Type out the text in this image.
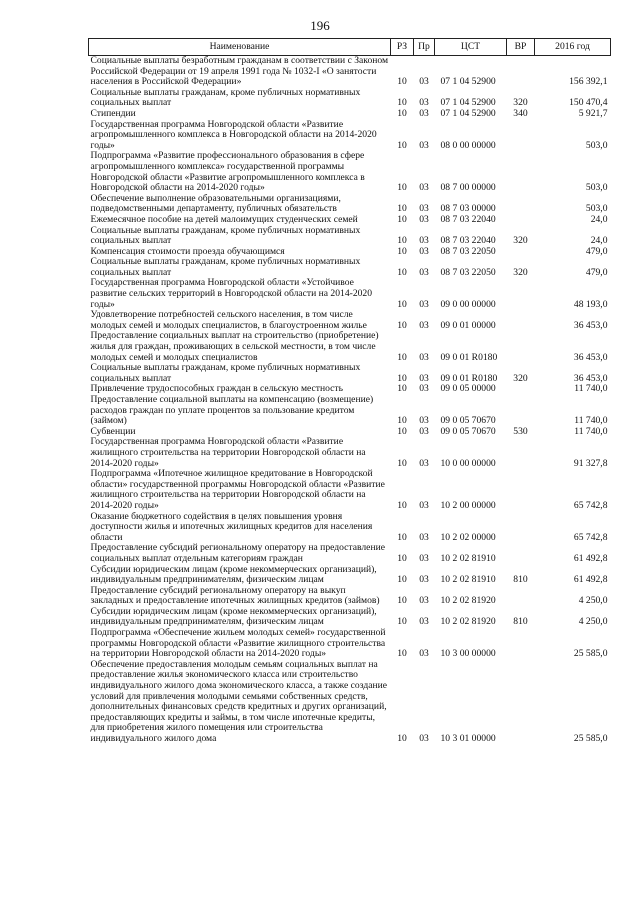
196
Наименование	РЗ	Пр	ЦСТ	ВР	2016 год
Социальные выплаты безработным гражданам в соответствии с Законом Российской Федерации от 19 апреля 1991 года № 1032-I «О занятости населения в Российской Федерации»	10	03	07 1 04 52900		156 392,1
Социальные выплаты гражданам, кроме публичных нормативных социальных выплат	10	03	07 1 04 52900	320	150 470,4
Стипендии	10	03	07 1 04 52900	340	5 921,7
Государственная программа Новгородской области «Развитие агропромышленного комплекса в Новгородской области на 2014-2020 годы»	10	03	08 0 00 00000		503,0
Подпрограмма «Развитие профессионального образования в сфере агропромышленного комплекса» государственной программы Новгородской области «Развитие агропромышленного комплекса в Новгородской области на 2014-2020 годы»	10	03	08 7 00 00000		503,0
Обеспечение выполнение образовательными организациями, подведомственными департаменту, публичных обязательств	10	03	08 7 03 00000		503,0
Ежемесячное пособие на детей малоимущих студенческих семей	10	03	08 7 03 22040		24,0
Социальные выплаты гражданам, кроме публичных нормативных социальных выплат	10	03	08 7 03 22040	320	24,0
Компенсация стоимости проезда обучающимся	10	03	08 7 03 22050		479,0
Социальные выплаты гражданам, кроме публичных нормативных социальных выплат	10	03	08 7 03 22050	320	479,0
Государственная программа Новгородской области «Устойчивое развитие сельских территорий в Новгородской области на 2014-2020 годы»	10	03	09 0 00 00000		48 193,0
Удовлетворение потребностей сельского населения, в том числе молодых семей и молодых специалистов, в благоустроенном жилье	10	03	09 0 01 00000		36 453,0
Предоставление социальных выплат на строительство (приобретение) жилья для граждан, проживающих в сельской местности, в том числе молодых семей и молодых специалистов	10	03	09 0 01 R0180		36 453,0
Социальные выплаты гражданам, кроме публичных нормативных социальных выплат	10	03	09 0 01 R0180	320	36 453,0
Привлечение трудоспособных граждан в сельскую местность	10	03	09 0 05 00000		11 740,0
Предоставление социальной выплаты на компенсацию (возмещение) расходов граждан по уплате процентов за пользование кредитом (займом)	10	03	09 0 05 70670		11 740,0
Субвенции	10	03	09 0 05 70670	530	11 740,0
Государственная программа Новгородской области «Развитие жилищного строительства на территории Новгородской области на 2014-2020 годы»	10	03	10 0 00 00000		91 327,8
Подпрограмма «Ипотечное жилищное кредитование в Новгородской области» государственной программы Новгородской области «Развитие жилищного строительства на территории Новгородской области на 2014-2020 годы»	10	03	10 2 00 00000		65 742,8
Оказание бюджетного содействия в целях повышения уровня доступности жилья и ипотечных жилищных кредитов для населения области	10	03	10 2 02 00000		65 742,8
Предоставление субсидий региональному оператору на предоставление социальных выплат отдельным категориям граждан	10	03	10 2 02 81910		61 492,8
Субсидии юридическим лицам (кроме некоммерческих организаций), индивидуальным предпринимателям, физическим лицам	10	03	10 2 02 81910	810	61 492,8
Предоставление субсидий региональному оператору на выкуп закладных и предоставление ипотечных жилищных кредитов (займов)	10	03	10 2 02 81920		4 250,0
Субсидии юридическим лицам (кроме некоммерческих организаций), индивидуальным предпринимателям, физическим лицам	10	03	10 2 02 81920	810	4 250,0
Подпрограмма «Обеспечение жильем молодых семей» государственной программы Новгородской области «Развитие жилищного строительства на территории Новгородской области на 2014-2020 годы»	10	03	10 3 00 00000		25 585,0
Обеспечение предоставления молодым семьям социальных выплат на предоставление жилья экономического класса или строительство индивидуального жилого дома экономического класса, а также создание условий для привлечения молодыми семьями собственных средств, дополнительных финансовых средств кредитных и других организаций, предоставляющих кредиты и займы, в том числе ипотечные кредиты, для приобретения жилого помещения или строительства индивидуального жилого дома	10	03	10 3 01 00000		25 585,0
